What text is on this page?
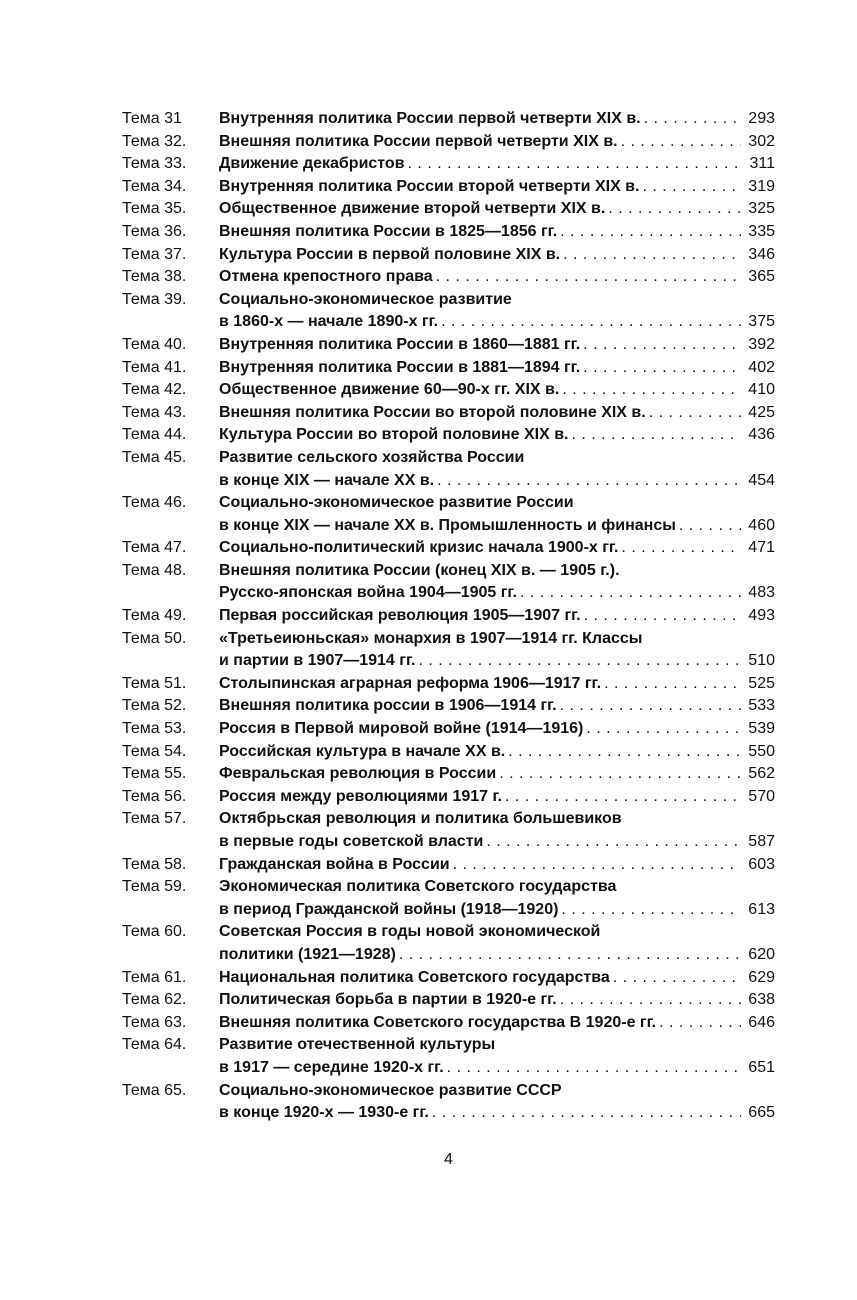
Тема 31	Внутренняя политика России первой четверти XIX в. . . .	293
Тема 32.	Внешняя политика России первой четверти XIX в. . . .	302
Тема 33.	Движение декабристов . . .	311
Тема 34.	Внутренняя политика России второй четверти XIX в. . . .	319
Тема 35.	Общественное движение второй четверти XIX в. . . .	325
Тема 36.	Внешняя политика России в 1825—1856 гг. . . .	335
Тема 37.	Культура России в первой половине XIX в. . . .	346
Тема 38.	Отмена крепостного права . . .	365
Тема 39.	Социально-экономическое развитие
в 1860-х — начале 1890-х гг. . . .	375
Тема 40.	Внутренняя политика России в 1860—1881 гг. . . .	392
Тема 41.	Внутренняя политика России в 1881—1894 гг. . . .	402
Тема 42.	Общественное движение 60—90-х гг. XIX в. . . .	410
Тема 43.	Внешняя политика России во второй половине XIX в. . . .	425
Тема 44.	Культура России во второй половине XIX в. . . .	436
Тема 45.	Развитие сельского хозяйства России
в конце XIX — начале XX в. . . .	454
Тема 46.	Социально-экономическое развитие России
в конце XIX — начале XX в. Промышленность и финансы . . .	460
Тема 47.	Социально-политический кризис начала 1900-х гг. . . .	471
Тема 48.	Внешняя политика России (конец XIX в. — 1905 г.).
Русско-японская война 1904—1905 гг. . . .	483
Тема 49.	Первая российская революция 1905—1907 гг. . . .	493
Тема 50.	«Третьеиюньская» монархия в 1907—1914 гг. Классы
и партии в 1907—1914 гг. . . .	510
Тема 51.	Столыпинская аграрная реформа 1906—1917 гг. . . .	525
Тема 52.	Внешняя политика россии в 1906—1914 гг. . . .	533
Тема 53.	Россия в Первой мировой войне (1914—1916) . . .	539
Тема 54.	Российская культура в начале XX в. . . .	550
Тема 55.	Февральская революция в России . . .	562
Тема 56.	Россия между революциями 1917 г. . . .	570
Тема 57.	Октябрьская революция и политика большевиков
в первые годы советской власти . . .	587
Тема 58.	Гражданская война в России . . .	603
Тема 59.	Экономическая политика Советского государства
в период Гражданской войны (1918—1920) . . .	613
Тема 60.	Советская Россия в годы новой экономической
политики (1921—1928) . . .	620
Тема 61.	Национальная политика Советского государства . . .	629
Тема 62.	Политическая борьба в партии в 1920-е гг. . . .	638
Тема 63.	Внешняя политика Советского государства В 1920-е гг. . . .	646
Тема 64.	Развитие отечественной культуры
в 1917 — середине 1920-х гг. . . .	651
Тема 65.	Социально-экономическое развитие СССР
в конце 1920-х — 1930-е гг. . . .	665
4
